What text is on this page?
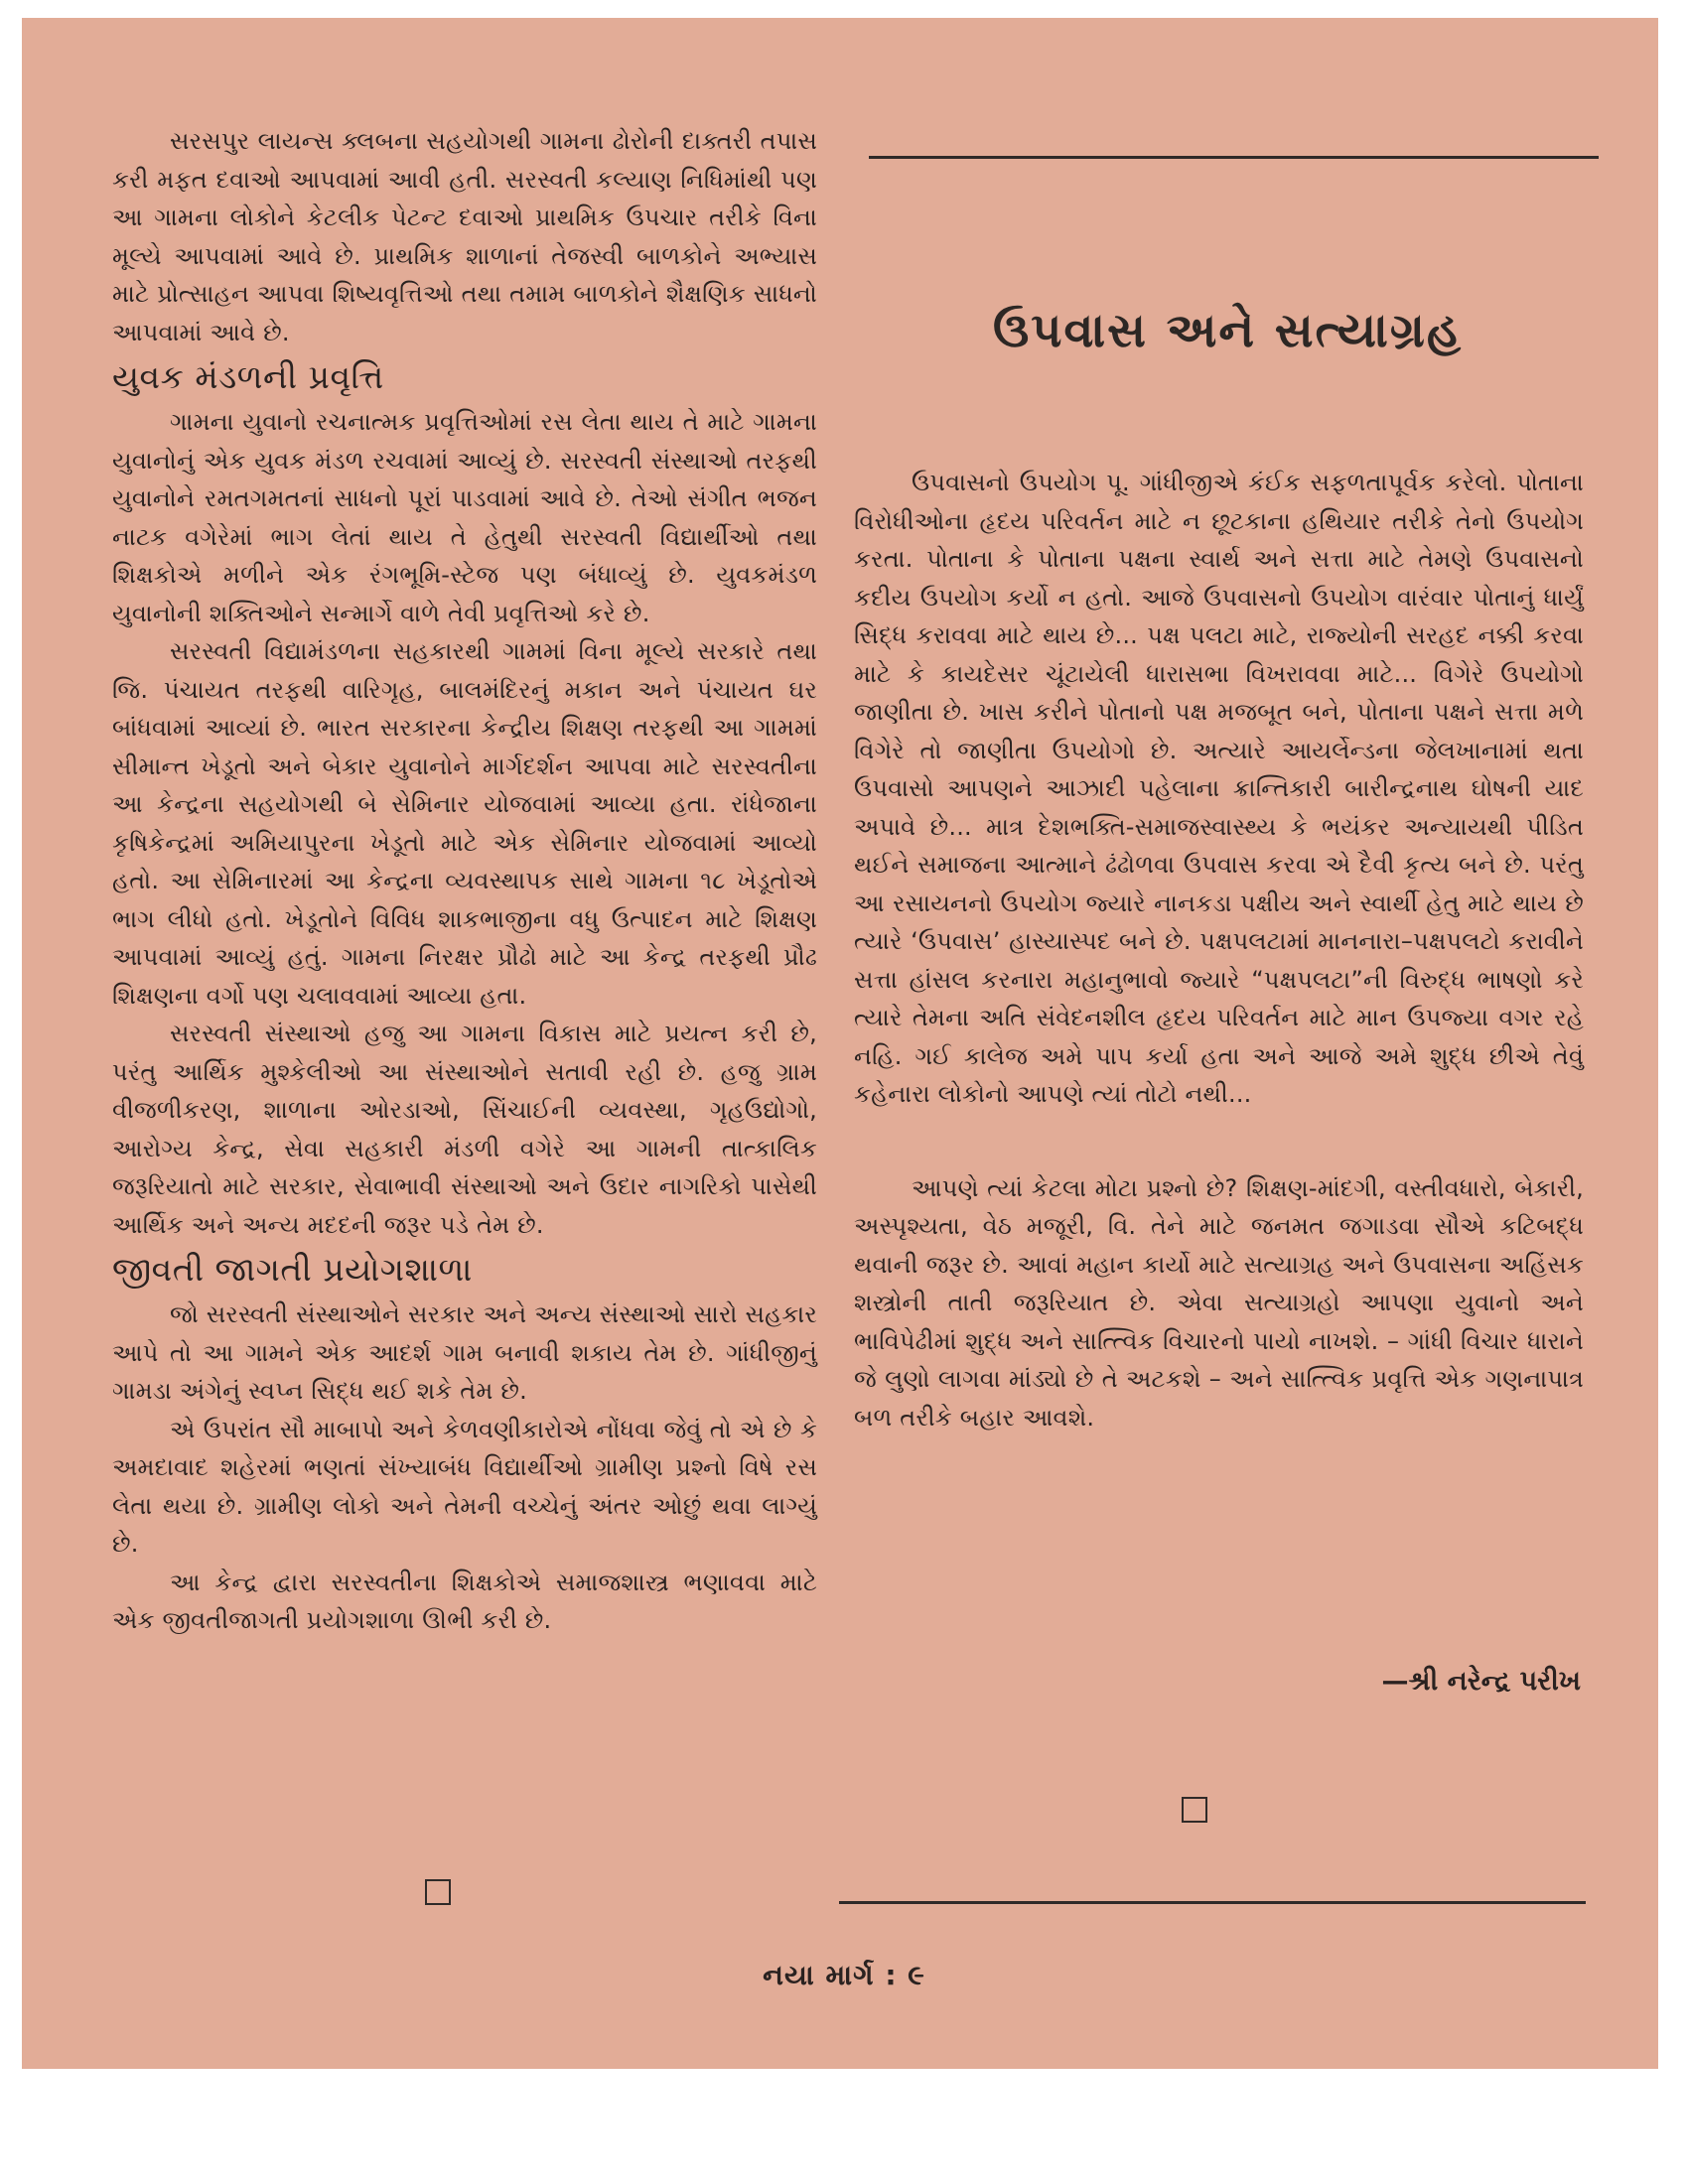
સરસપુર લાયન્સ ક્લબના સહયોગથી ગામના ઢોરોની દાક્તરી તપાસ કરી મફત દવાઓ આપવામાં આવી હતી. સરસ્વતી કલ્યાણ નિધિમાંથી પણ આ ગામના લોકોને કેટલીક પેટન્ટ દવાઓ પ્રાથમિક ઉપચાર તરીકે વિના મૂલ્યે આપવામાં આવે છે. પ્રાથમિક શાળાનાં તેજસ્વી બાળકોને અભ્યાસ માટે પ્રોત્સાહન આપવા શિષ્યવૃત્તિઓ તથા તમામ બાળકોને શૈક્ષણિક સાધનો આપવામાં આવે છે.

યુવક મંડળની પ્રવૃત્તિ

ગામના યુવાનો રચનાત્મક પ્રવૃત્તિઓમાં રસ લેતા થાય તે માટે ગામના યુવાનોનું એક યુવક મંડળ રચવામાં આવ્યું છે. સરસ્વતી સંસ્થાઓ તરફથી યુવાનોને રમતગમતનાં સાધનો પૂરાં પાડવામાં આવે છે. તેઓ સંગીત ભજન નાટક વગેરેમાં ભાગ લેતાં થાય તે હેતુથી સરસ્વતી વિદ્યાર્થીઓ તથા શિક્ષકોએ મળીને એક રંગભૂમિ-સ્ટેજ પણ બંધાવ્યું છે. યુવકમંડળ યુવાનોની શક્તિઓને સન્માર્ગે વાળે તેવી પ્રવૃત્તિઓ કરે છે.

સરસ્વતી વિદ્યામંડળના સહકારથી ગામમાં વિના મૂલ્યે સરકારે તથા જિ. પંચાયત તરફથી વારિગૃહ, બાલમંદિરનું મકાન અને પંચાયત ઘર બાંધવામાં આવ્યાં છે. ભારત સરકારના કેન્દ્રીય શિક્ષણ તરફથી આ ગામમાં સીમાન્ત ખેડૂતો અને બેકાર યુવાનોને માર્ગદર્શન આપવા માટે સરસ્વતીના આ કેન્દ્રના સહયોગથી બે સેમિનાર યોજવામાં આવ્યા હતા. રાંધેજાના કૃષિકેન્દ્રમાં અમિયાપુરના ખેડૂતો માટે એક સેમિનાર યોજવામાં આવ્યો હતો. આ સેમિનારમાં આ કેન્દ્રના વ્યવસ્થાપક સાથે ગામના ૧૮ ખેડૂતોએ ભાગ લીધો હતો. ખેડૂતોને વિવિધ શાકભાજીના વધુ ઉત્પાદન માટે શિક્ષણ આપવામાં આવ્યું હતું. ગામના નિરક્ષર પ્રૌઢો માટે આ કેન્દ્ર તરફથી પ્રૌઢ શિક્ષણના વર્ગો પણ ચલાવવામાં આવ્યા હતા.

સરસ્વતી સંસ્થાઓ હજુ આ ગામના વિકાસ માટે પ્રયત્ન કરી છે, પરંતુ આર્થિક મુશ્કેલીઓ આ સંસ્થાઓને સતાવી રહી છે. હજુ ગ્રામ વીજળીકરણ, શાળાના ઓરડાઓ, સિંચાઈની વ્યવસ્થા, ગૃહઉદ્યોગો, આરોગ્ય કેન્દ્ર, સેવા સહકારી મંડળી વગેરે આ ગામની તાત્કાલિક જરૂરિયાતો માટે સરકાર, સેવાભાવી સંસ્થાઓ અને ઉદાર નાગરિકો પાસેથી આર્થિક અને અન્ય મદદની જરૂર પડે તેમ છે.

જીવતી જાગતી પ્રયોગશાળા

જો સરસ્વતી સંસ્થાઓને સરકાર અને અન્ય સંસ્થાઓ સારો સહકાર આપે તો આ ગામને એક આદર્શ ગામ બનાવી શકાય તેમ છે. ગાંધીજીનું ગામડા અંગેનું સ્વપ્ન સિદ્ધ થઈ શકે તેમ છે.

એ ઉપરાંત સૌ માબાપો અને કેળવણીકારોએ નોંધવા જેવું તો એ છે કે અમદાવાદ શહેરમાં ભણતાં સંખ્યાબંધ વિદ્યાર્થીઓ ગ્રામીણ પ્રશ્નો વિષે રસ લેતા થયા છે. ગ્રામીણ લોકો અને તેમની વચ્ચેનું અંતર ઓછું થવા લાગ્યું છે.

આ કેન્દ્ર દ્વારા સરસ્વતીના શિક્ષકોએ સમાજશાસ્ત્ર ભણાવવા માટે એક જીવતીજાગતી પ્રયોગશાળા ઊભી કરી છે.

ઉપવાસ અને સત્યાગ્રહ

ઉપવાસનો ઉપયોગ પૂ. ગાંધીજીએ કંઈક સફળતાપૂર્વક કરેલો. પોતાના વિરોધીઓના હૃદય પરિવર્તન માટે ન છૂટકાના હથિયાર તરીકે તેનો ઉપયોગ કરતા. પોતાના કે પોતાના પક્ષના સ્વાર્થ અને સત્તા માટે તેમણે ઉપવાસનો કદીય ઉપયોગ કર્યો ન હતો. આજે ઉપવાસનો ઉપયોગ વારંવાર પોતાનું ધાર્યું સિદ્ધ કરાવવા માટે થાય છે... પક્ષ પલટા માટે, રાજ્યોની સરહદ નક્કી કરવા માટે કે કાયદેસર ચૂંટાયેલી ધારાસભા વિખરાવવા માટે... વિગેરે ઉપયોગો જાણીતા છે. ખાસ કરીને પોતાનો પક્ષ મજબૂત બને, પોતાના પક્ષને સત્તા મળે વિગેરે તો જાણીતા ઉપયોગો છે. અત્યારે આયર્લેન્ડના જેલખાનામાં થતા ઉપવાસો આપણને આઝાદી પહેલાના ક્રાન્તિકારી બારીન્દ્રનાથ ઘોષની યાદ અપાવે છે... માત્ર દેશભક્તિ-સમાજસ્વાસ્થ્ય કે ભયંકર અન્યાયથી પીડિત થઈને સમાજના આત્માને ઢંઢોળવા ઉપવાસ કરવા એ દૈવી કૃત્ય બને છે. પરંતુ આ રસાયનનો ઉપયોગ જ્યારે નાનકડા પક્ષીય અને સ્વાર્થી હેતુ માટે થાય છે ત્યારે ‘ઉપવાસ’ હાસ્યાસ્પદ બને છે. પક્ષપલટામાં માનનારા–પક્ષપલટો કરાવીને સત્તા હાંસલ કરનારા મહાનુભાવો જ્યારે “પક્ષપલટા”ની વિરુદ્ધ ભાષણો કરે ત્યારે તેમના અતિ સંવેદનશીલ હૃદય પરિવર્તન માટે માન ઉપજ્યા વગર રહે નહિ. ગઈ કાલેજ અમે પાપ કર્યા હતા અને આજે અમે શુદ્ધ છીએ તેવું કહેનારા લોકોનો આપણે ત્યાં તોટો નથી...

આપણે ત્યાં કેટલા મોટા પ્રશ્નો છે? શિક્ષણ-માંદગી, વસ્તીવધારો, બેકારી, અસ્પૃશ્યતા, વેઠ મજૂરી, વિ. તેને માટે જનમત જગાડવા સૌએ કટિબદ્ધ થવાની જરૂર છે. આવાં મહાન કાર્યો માટે સત્યાગ્રહ અને ઉપવાસના અહિંસક શસ્ત્રોની તાતી જરૂરિયાત છે. એવા સત્યાગ્રહો આપણા યુવાનો અને ભાવિપેઢીમાં શુદ્ધ અને સાત્ત્વિક વિચારનો પાયો નાખશે. – ગાંધી વિચાર ધારાને જે લુણો લાગવા માંડ્યો છે તે અટકશે – અને સાત્ત્વિક પ્રવૃત્તિ એક ગણનાપાત્ર બળ તરીકે બહાર આવશે.

—શ્રી નરેન્દ્ર પરીખ
નયા માર્ગ : ૯
